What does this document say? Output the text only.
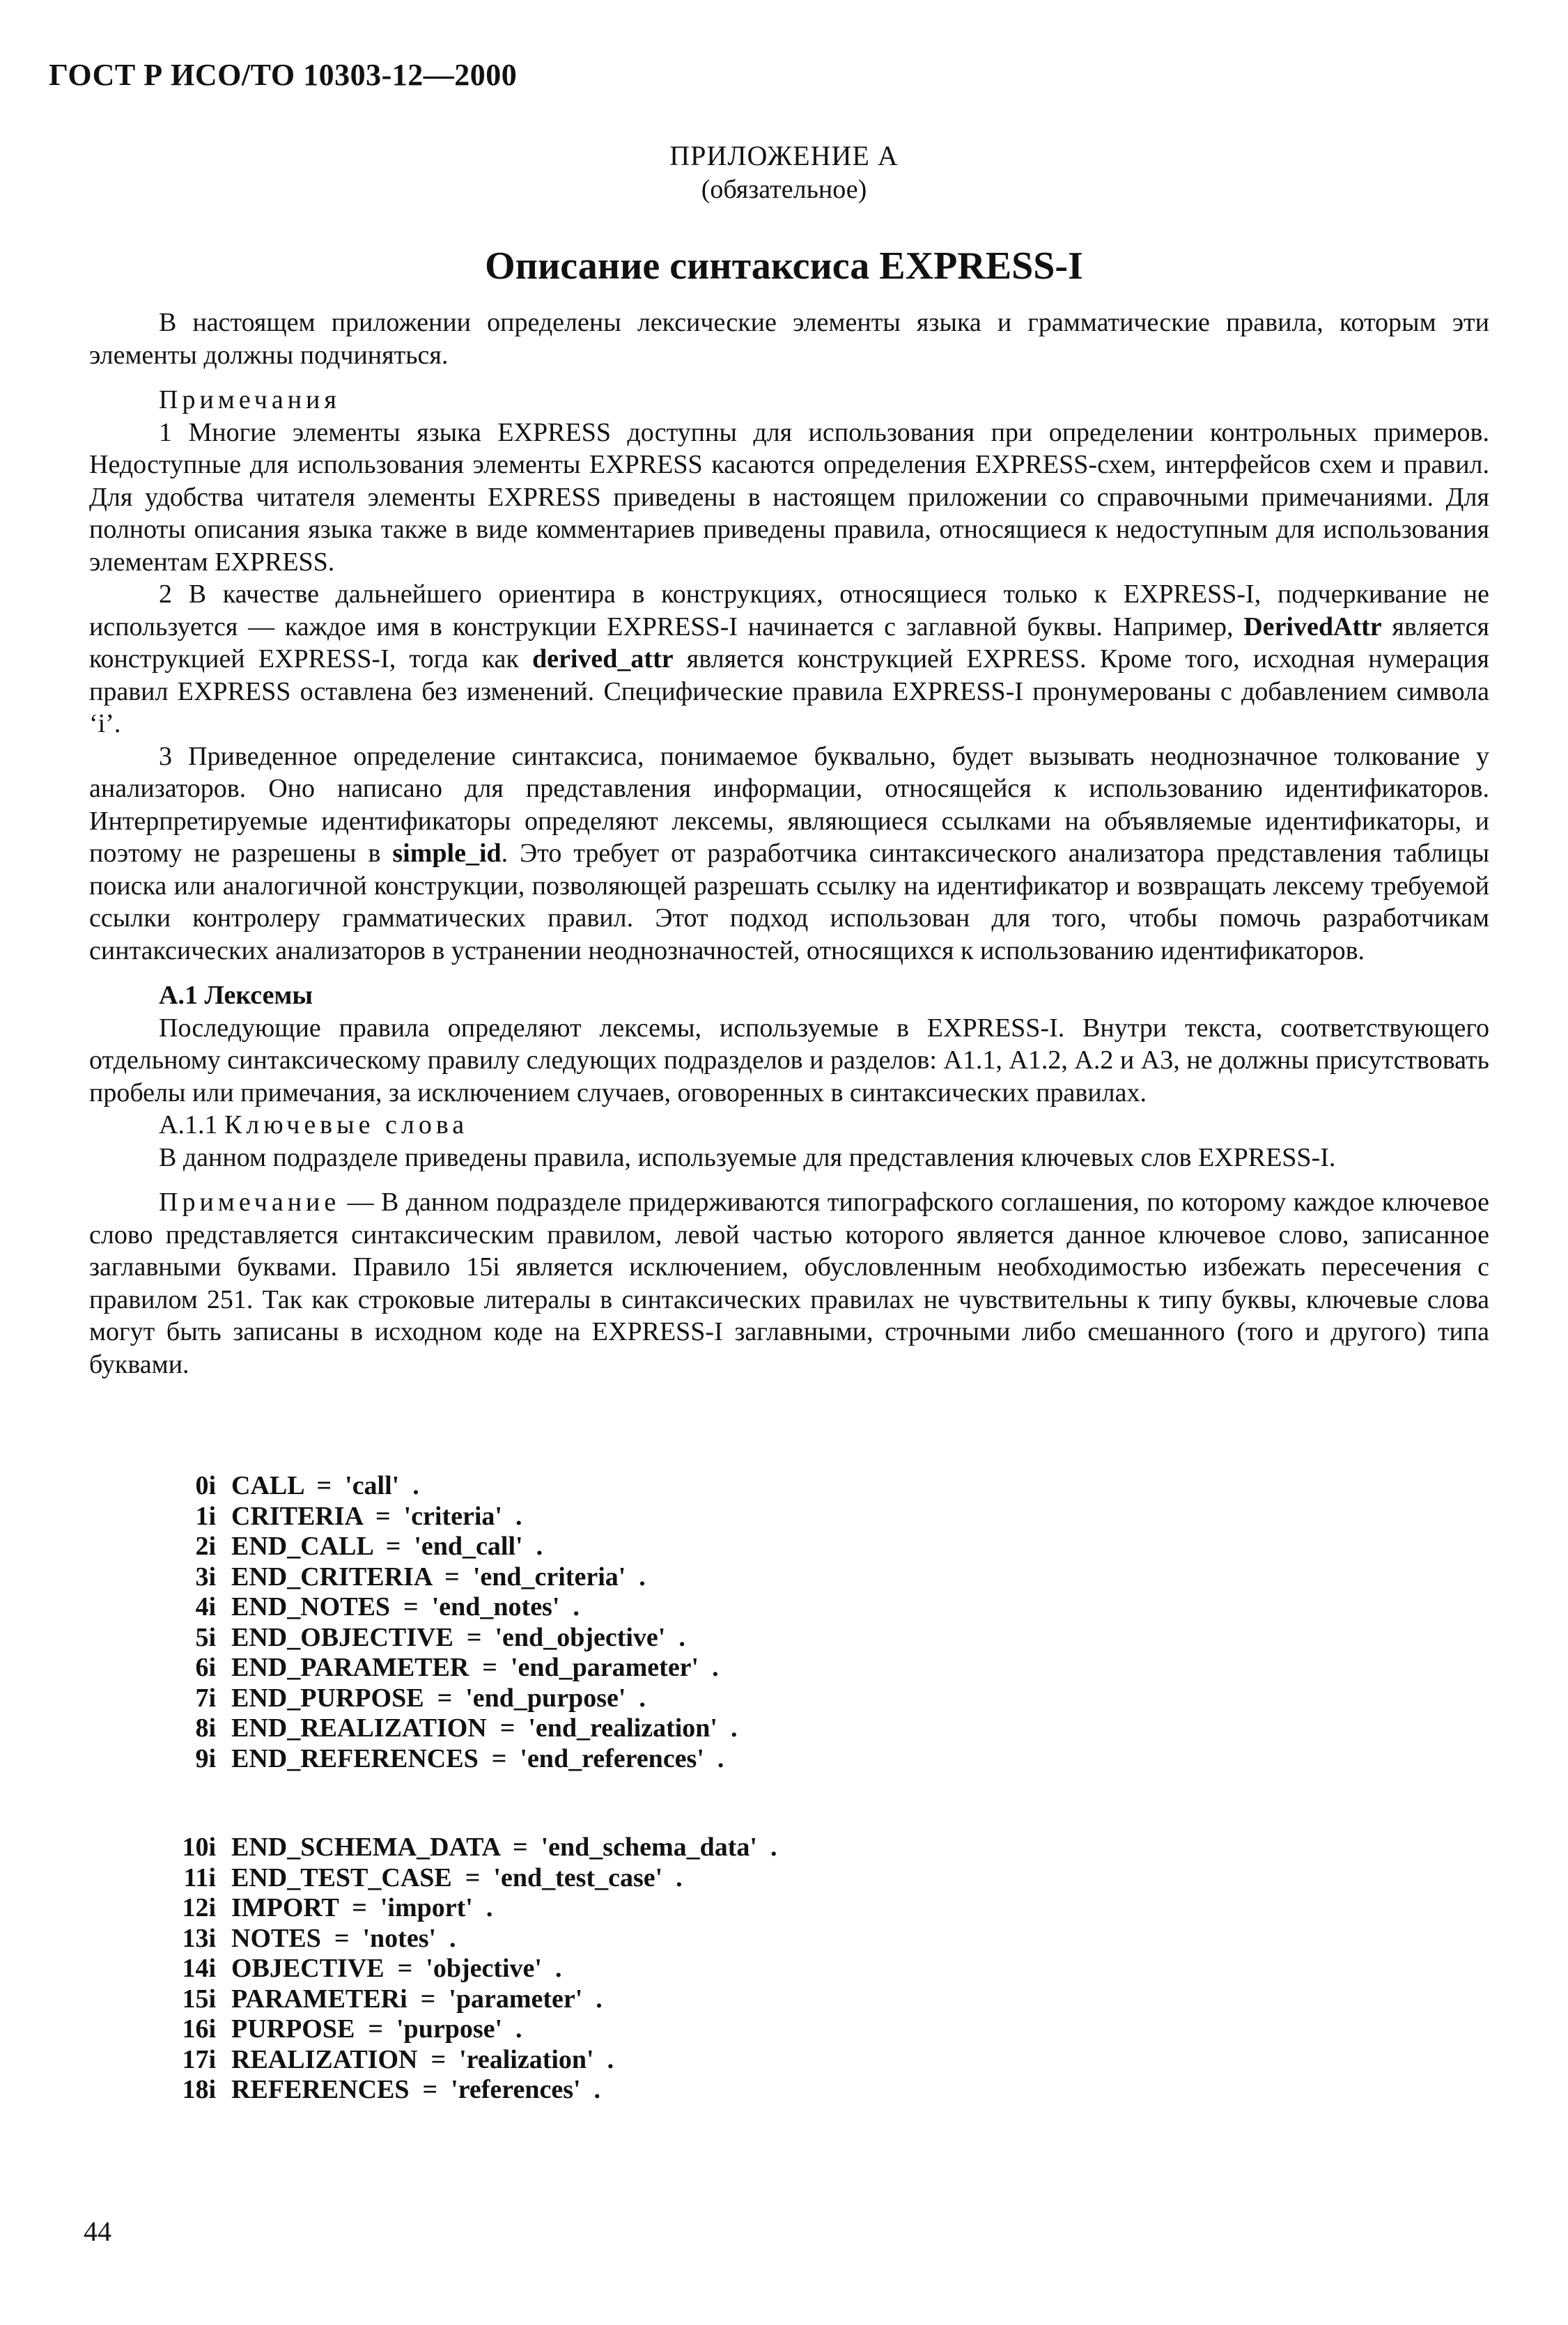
ГОСТ Р ИСО/ТО 10303-12—2000
ПРИЛОЖЕНИЕ А
(обязательное)
Описание синтаксиса EXPRESS-I

В настоящем приложении определены лексические элементы языка и грамматические правила, которым эти элементы должны подчиняться.

Примечания

1 Многие элементы языка EXPRESS доступны для использования при определении контрольных примеров. Недоступные для использования элементы EXPRESS касаются определения EXPRESS-схем, интерфейсов схем и правил. Для удобства читателя элементы EXPRESS приведены в настоящем приложении со справочными примечаниями. Для полноты описания языка также в виде комментариев приведены правила, относящиеся к недоступным для использования элементам EXPRESS.

2 В качестве дальнейшего ориентира в конструкциях, относящиеся только к EXPRESS-I, подчеркивание не используется — каждое имя в конструкции EXPRESS-I начинается с заглавной буквы. Например, DerivedAttr является конструкцией EXPRESS-I, тогда как derived_attr является конструкцией EXPRESS. Кроме того, исходная нумерация правил EXPRESS оставлена без изменений. Специфические правила EXPRESS-I пронумерованы с добавлением символа ‘i’.

3 Приведенное определение синтаксиса, понимаемое буквально, будет вызывать неоднозначное толкование у анализаторов. Оно написано для представления информации, относящейся к использованию идентификаторов. Интерпретируемые идентификаторы определяют лексемы, являющиеся ссылками на объявляемые идентификаторы, и поэтому не разрешены в simple_id. Это требует от разработчика синтаксического анализатора представления таблицы поиска или аналогичной конструкции, позволяющей разрешать ссылку на идентификатор и возвращать лексему требуемой ссылки контролеру грамматических правил. Этот подход использован для того, чтобы помочь разработчикам синтаксических анализаторов в устранении неоднозначностей, относящихся к использованию идентификаторов.

А.1 Лексемы

Последующие правила определяют лексемы, используемые в EXPRESS-I. Внутри текста, соответствующего отдельному синтаксическому правилу следующих подразделов и разделов: А1.1, А1.2, А.2 и А3, не должны присутствовать пробелы или примечания, за исключением случаев, оговоренных в синтаксических правилах.

А.1.1 Ключевые слова

В данном подразделе приведены правила, используемые для представления ключевых слов EXPRESS-I.

Примечание — В данном подразделе придерживаются типографского соглашения, по которому каждое ключевое слово представляется синтаксическим правилом, левой частью которого является данное ключевое слово, записанное заглавными буквами. Правило 15i является исключением, обусловленным необходимостью избежать пересечения с правилом 251. Так как строковые литералы в синтаксических правилах не чувствительны к типу буквы, ключевые слова могут быть записаны в исходном коде на EXPRESS-I заглавными, строчными либо смешанного (того и другого) типа буквами.

0i CALL  =  'call'  .
1i CRITERIA  =  'criteria'  .
2i END_CALL  =  'end_call'  .
3i END_CRITERIA  =  'end_criteria'  .
4i END_NOTES  =  'end_notes'  .
5i END_OBJECTIVE  =  'end_objective'  .
6i END_PARAMETER  =  'end_parameter'  .
7i END_PURPOSE  =  'end_purpose'  .
8i END_REALIZATION  =  'end_realization'  .
9i END_REFERENCES  =  'end_references'  .
10i END_SCHEMA_DATA  =  'end_schema_data'  .
11i END_TEST_CASE  =  'end_test_case'  .
12i IMPORT  =  'import'  .
13i NOTES  =  'notes'  .
14i OBJECTIVE  =  'objective'  .
15i PARAMETERi  =  'parameter'  .
16i PURPOSE  =  'purpose'  .
17i REALIZATION  =  'realization'  .
18i REFERENCES  =  'references'  .
44
